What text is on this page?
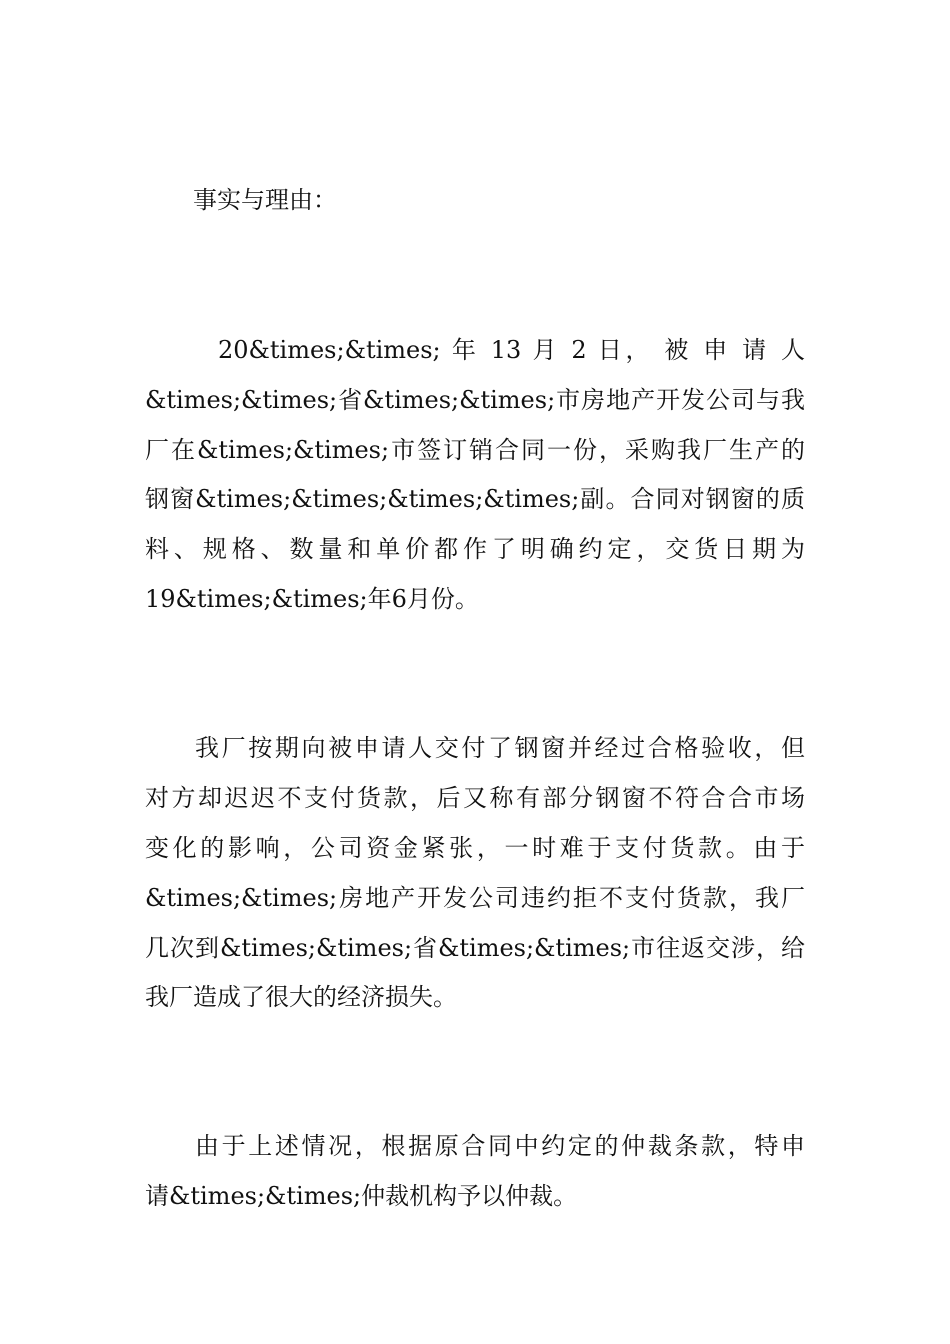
事实与理由：

20&times;&times; 年 13 月 2 日， 被 申 请 人

&times;&times;省&times;&times;市房地产开发公司与我

厂在&times;&times;市签订销合同一份，采购我厂生产的

钢窗&times;&times;&times;&times;副。合同对钢窗的质

料、规格、数量和单价都作了明确约定，交货日期为

19&times;&times;年6月份。

我厂按期向被申请人交付了钢窗并经过合格验收，但

对方却迟迟不支付货款，后又称有部分钢窗不符合合市场

变化的影响，公司资金紧张，一时难于支付货款。由于

&times;&times;房地产开发公司违约拒不支付货款，我厂

几次到&times;&times;省&times;&times;市往返交涉，给

我厂造成了很大的经济损失。

由于上述情况，根据原合同中约定的仲裁条款，特申

请&times;&times;仲裁机构予以仲裁。
